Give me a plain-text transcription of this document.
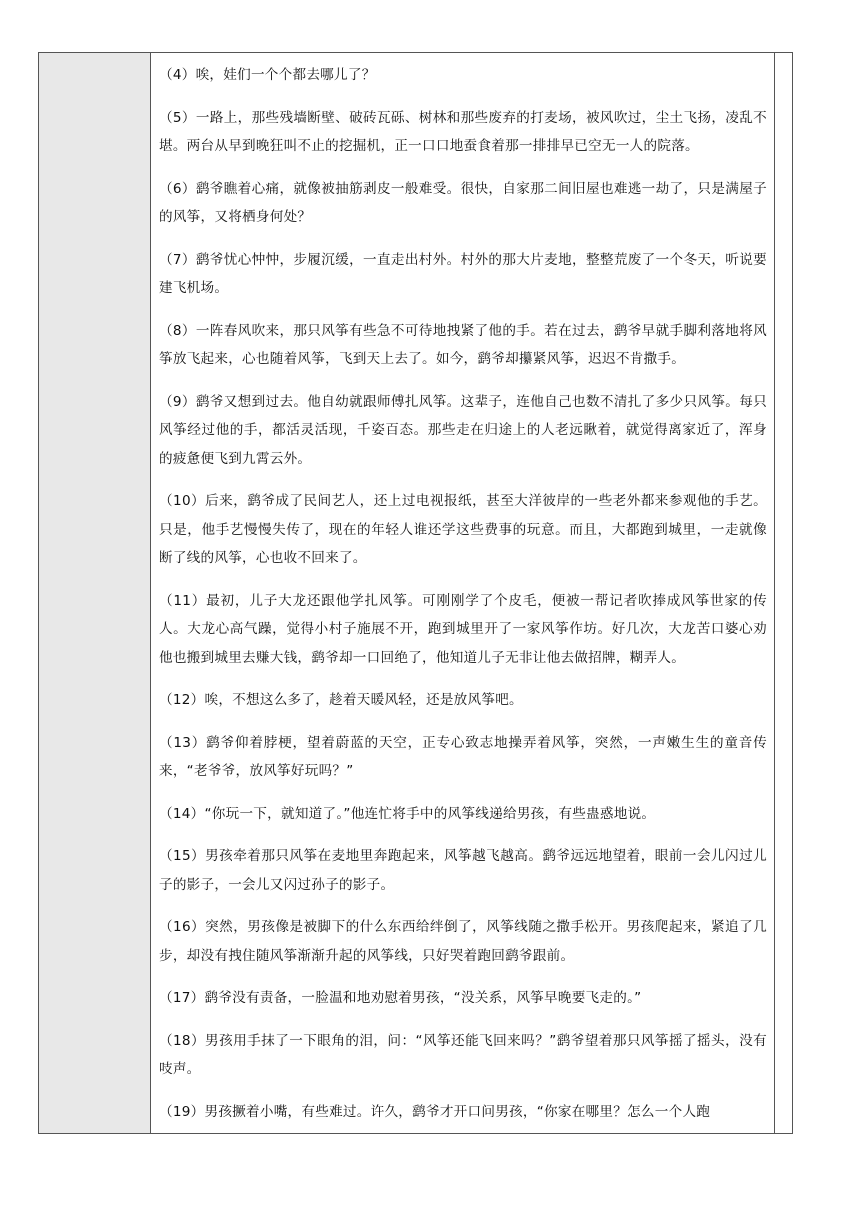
（4）唉，娃们一个个都去哪儿了？

（5）一路上，那些残墙断壁、破砖瓦砾、树林和那些废弃的打麦场，被风吹过，尘土飞扬，凌乱不堪。两台从早到晚狂叫不止的挖掘机，正一口口地蚕食着那一排排早已空无一人的院落。

（6）鹞爷瞧着心痛，就像被抽筋剥皮一般难受。很快，自家那二间旧屋也难逃一劫了，只是满屋子的风筝，又将栖身何处？

（7）鹞爷忧心忡忡，步履沉缓，一直走出村外。村外的那大片麦地，整整荒废了一个冬天，听说要建飞机场。

（8）一阵春风吹来，那只风筝有些急不可待地拽紧了他的手。若在过去，鹞爷早就手脚利落地将风筝放飞起来，心也随着风筝，飞到天上去了。如今，鹞爷却攥紧风筝，迟迟不肯撒手。

（9）鹞爷又想到过去。他自幼就跟师傅扎风筝。这辈子，连他自己也数不清扎了多少只风筝。每只风筝经过他的手，都活灵活现，千姿百态。那些走在归途上的人老远瞅着，就觉得离家近了，浑身的疲惫便飞到九霄云外。

（10）后来，鹞爷成了民间艺人，还上过电视报纸，甚至大洋彼岸的一些老外都来参观他的手艺。只是，他手艺慢慢失传了，现在的年轻人谁还学这些费事的玩意。而且，大都跑到城里，一走就像断了线的风筝，心也收不回来了。

（11）最初，儿子大龙还跟他学扎风筝。可刚刚学了个皮毛，便被一帮记者吹捧成风筝世家的传人。大龙心高气躁，觉得小村子施展不开，跑到城里开了一家风筝作坊。好几次，大龙苦口婆心劝他也搬到城里去赚大钱，鹞爷却一口回绝了，他知道儿子无非让他去做招牌，糊弄人。

（12）唉，不想这么多了，趁着天暖风轻，还是放风筝吧。

（13）鹞爷仰着脖梗，望着蔚蓝的天空，正专心致志地操弄着风筝，突然，一声嫩生生的童音传来，“老爷爷，放风筝好玩吗？”

（14）“你玩一下，就知道了。”他连忙将手中的风筝线递给男孩，有些蛊惑地说。

（15）男孩牵着那只风筝在麦地里奔跑起来，风筝越飞越高。鹞爷远远地望着，眼前一会儿闪过儿子的影子，一会儿又闪过孙子的影子。

（16）突然，男孩像是被脚下的什么东西给绊倒了，风筝线随之撒手松开。男孩爬起来，紧追了几步，却没有拽住随风筝渐渐升起的风筝线，只好哭着跑回鹞爷跟前。

（17）鹞爷没有责备，一脸温和地劝慰着男孩，“没关系，风筝早晚要飞走的。”

（18）男孩用手抹了一下眼角的泪，问：“风筝还能飞回来吗？”鹞爷望着那只风筝摇了摇头，没有吱声。

（19）男孩撅着小嘴，有些难过。许久，鹞爷才开口问男孩，“你家在哪里？怎么一个人跑
